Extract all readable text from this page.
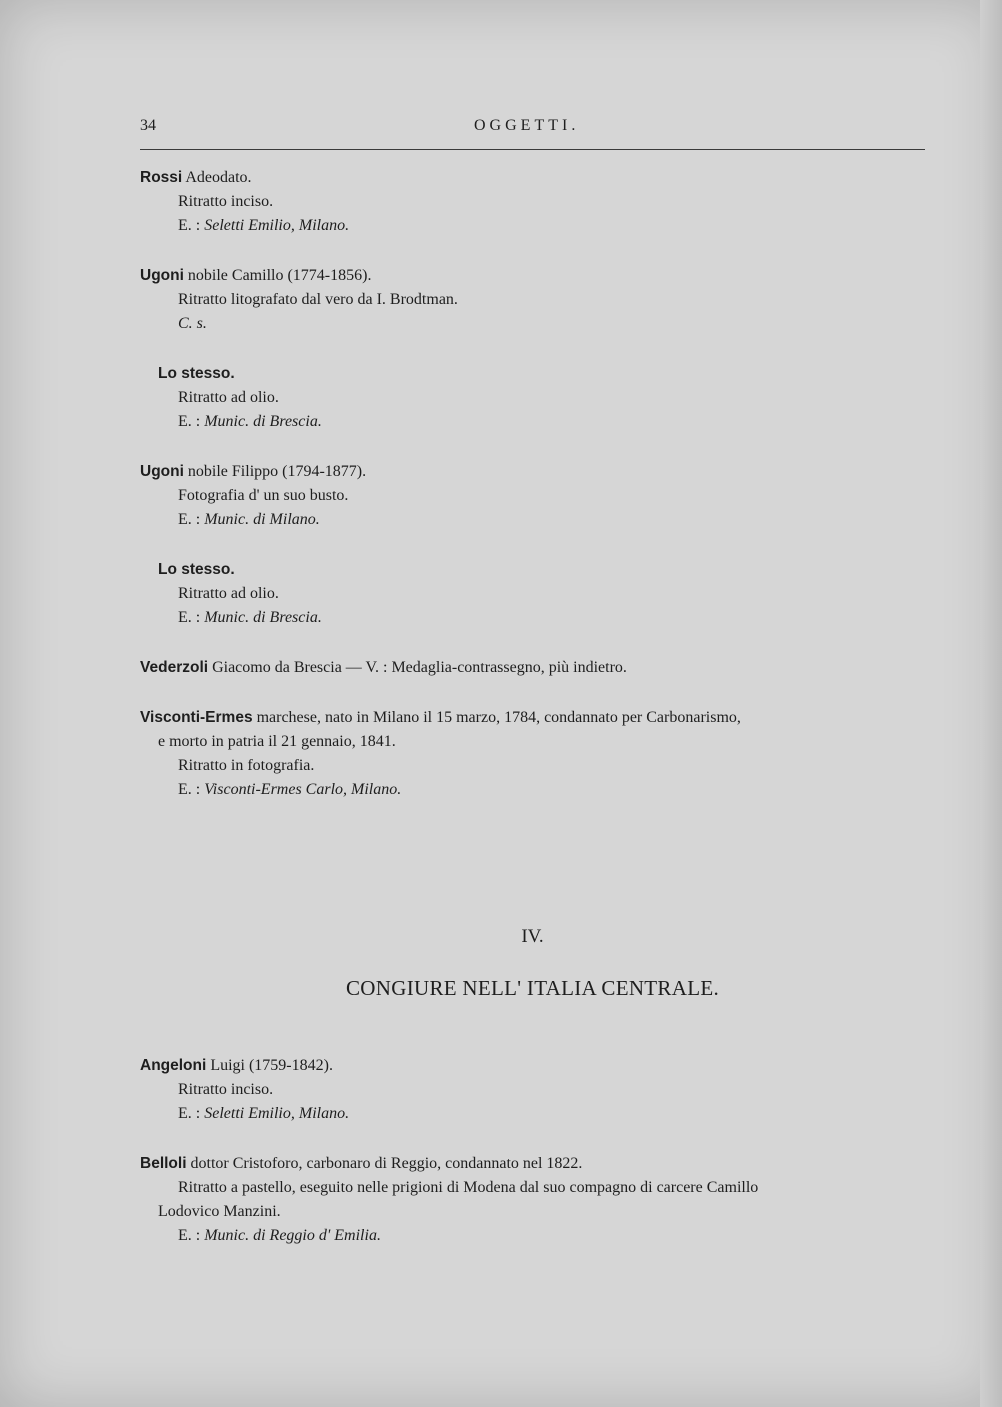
34	OGGETTI.
Rossi Adeodato.
Ritratto inciso.
E. : Seletti Emilio, Milano.
Ugoni nobile Camillo (1774-1856).
Ritratto litografato dal vero da I. Brodtman.
C. s.
Lo stesso.
Ritratto ad olio.
E. : Munic. di Brescia.
Ugoni nobile Filippo (1794-1877).
Fotografia d' un suo busto.
E. : Munic. di Milano.
Lo stesso.
Ritratto ad olio.
E. : Munic. di Brescia.
Vederzoli Giacomo da Brescia — V. : Medaglia-contrassegno, più indietro.
Visconti-Ermes marchese, nato in Milano il 15 marzo, 1784, condannato per Carbonarismo,
e morto in patria il 21 gennaio, 1841.
Ritratto in fotografia.
E. : Visconti-Ermes Carlo, Milano.
IV.
CONGIURE NELL' ITALIA CENTRALE.
Angeloni Luigi (1759-1842).
Ritratto inciso.
E. : Seletti Emilio, Milano.
Belloli dottor Cristoforo, carbonaro di Reggio, condannato nel 1822.
Ritratto a pastello, eseguito nelle prigioni di Modena dal suo compagno di carcere Camillo
Lodovico Manzini.
E. : Munic. di Reggio d' Emilia.
